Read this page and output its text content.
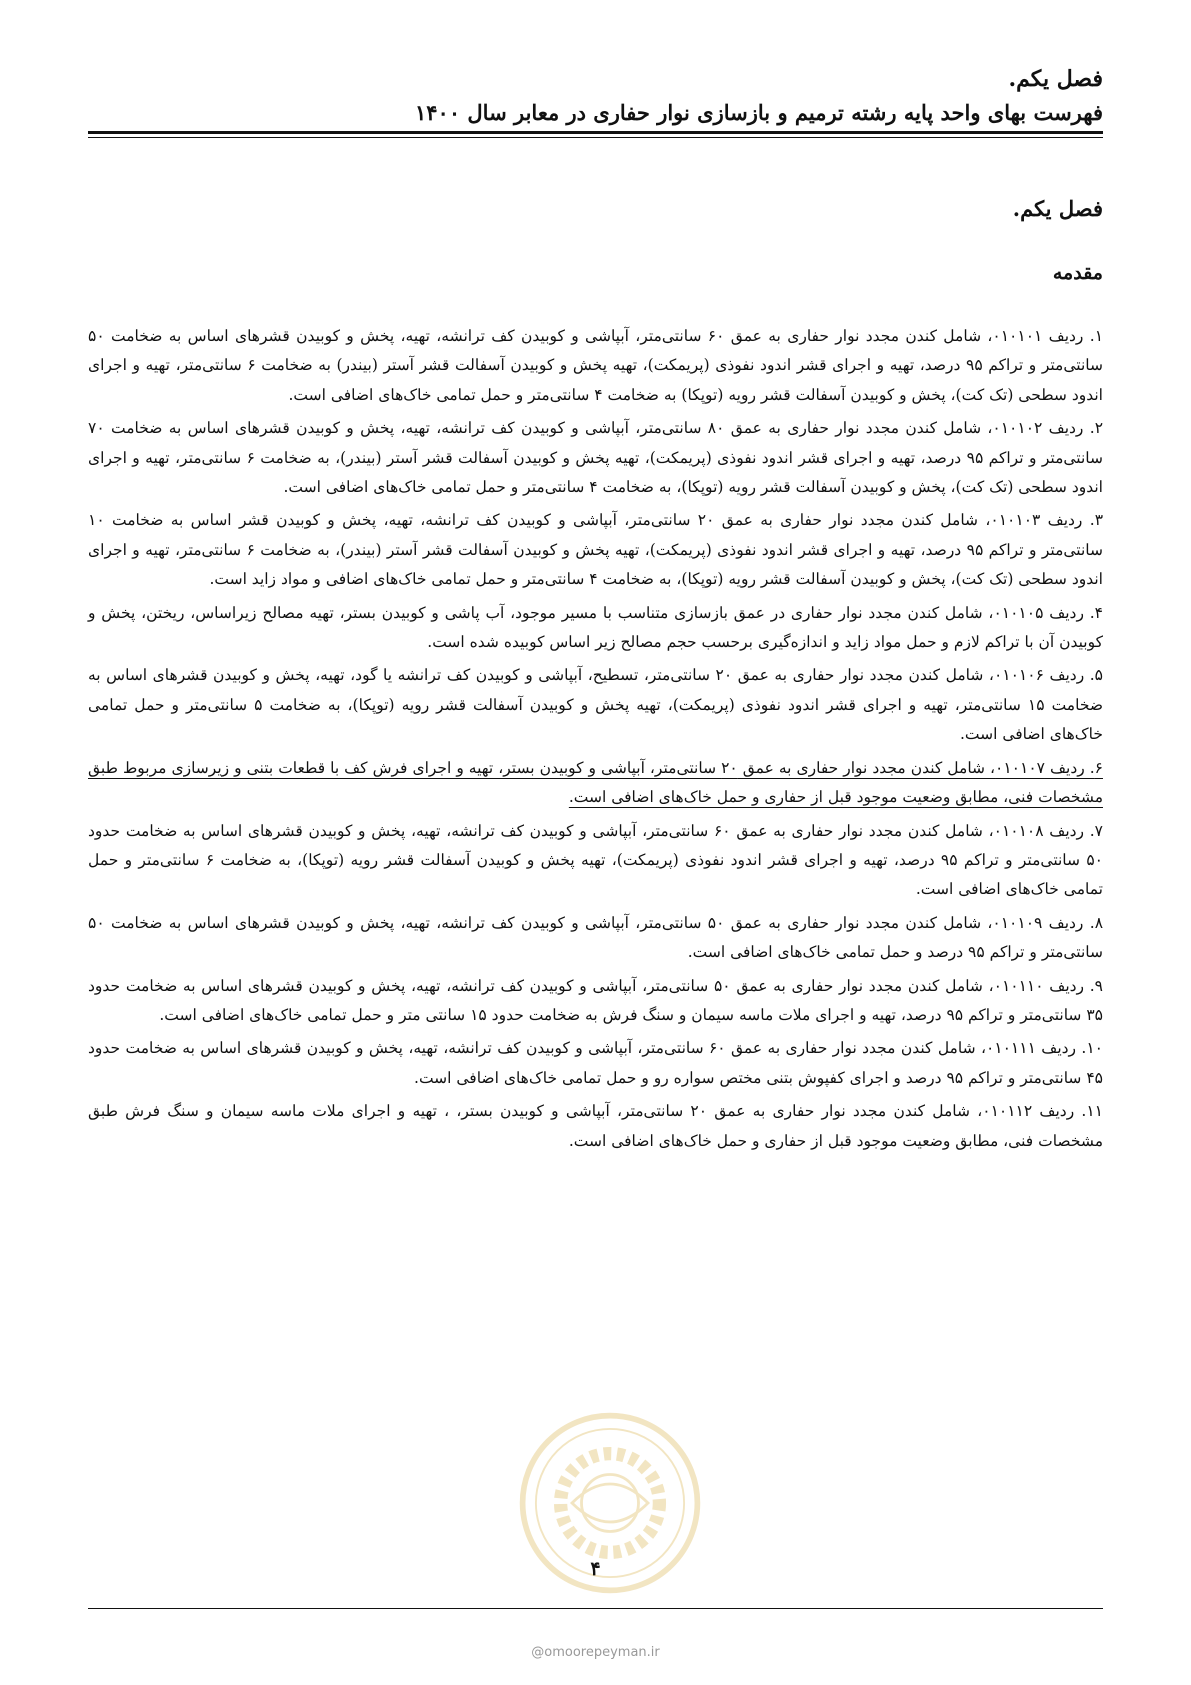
فصل یکم.
فهرست بهای واحد پایه رشته ترمیم و بازسازی نوار حفاری در معابر سال ۱۴۰۰
فصل یکم.
مقدمه

۱. ردیف ۰۱۰۱۰۱، شامل کندن مجدد نوار حفاری به عمق ۶۰ سانتی‌متر، آبپاشی و کوبیدن کف ترانشه، تهیه، پخش و کوبیدن قشرهای اساس به ضخامت ۵۰ سانتی‌متر و تراکم ۹۵ درصد، تهیه و اجرای قشر اندود نفوذی (پریمکت)، تهیه پخش و کوبیدن آسفالت قشر آستر (بیندر) به ضخامت ۶ سانتی‌متر، تهیه و اجرای اندود سطحی (تک کت)، پخش و کوبیدن آسفالت قشر رویه (توپکا) به ضخامت ۴ سانتی‌متر و حمل تمامی خاک‌های اضافی است.

۲. ردیف ۰۱۰۱۰۲، شامل کندن مجدد نوار حفاری به عمق ۸۰ سانتی‌متر، آبپاشی و کوبیدن کف ترانشه، تهیه، پخش و کوبیدن قشرهای اساس به ضخامت ۷۰ سانتی‌متر و تراکم ۹۵ درصد، تهیه و اجرای قشر اندود نفوذی (پریمکت)، تهیه پخش و کوبیدن آسفالت قشر آستر (بیندر)، به ضخامت ۶ سانتی‌متر، تهیه و اجرای اندود سطحی (تک کت)، پخش و کوبیدن آسفالت قشر رویه (توپکا)، به ضخامت ۴ سانتی‌متر و حمل تمامی خاک‌های اضافی است.

۳. ردیف ۰۱۰۱۰۳، شامل کندن مجدد نوار حفاری به عمق ۲۰ سانتی‌متر، آبپاشی و کوبیدن کف ترانشه، تهیه، پخش و کوبیدن قشر اساس به ضخامت ۱۰ سانتی‌متر و تراکم ۹۵ درصد، تهیه و اجرای قشر اندود نفوذی (پریمکت)، تهیه پخش و کوبیدن آسفالت قشر آستر (بیندر)، به ضخامت ۶ سانتی‌متر، تهیه و اجرای اندود سطحی (تک کت)، پخش و کوبیدن آسفالت قشر رویه (توپکا)، به ضخامت ۴ سانتی‌متر و حمل تمامی خاک‌های اضافی و مواد زاید است.

۴. ردیف ۰۱۰۱۰۵، شامل کندن مجدد نوار حفاری در عمق بازسازی متناسب با مسیر موجود، آب پاشی و کوبیدن بستر، تهیه مصالح زیراساس، ریختن، پخش و کوبیدن آن با تراکم لازم و حمل مواد زاید و اندازه‌گیری برحسب حجم مصالح زیر اساس کوبیده شده است.

۵. ردیف ۰۱۰۱۰۶، شامل کندن مجدد نوار حفاری به عمق ۲۰ سانتی‌متر، تسطیح، آبپاشی و کوبیدن کف ترانشه یا گود، تهیه، پخش و کوبیدن قشرهای اساس به ضخامت ۱۵ سانتی‌متر، تهیه و اجرای قشر اندود نفوذی (پریمکت)، تهیه پخش و کوبیدن آسفالت قشر رویه (توپکا)، به ضخامت ۵ سانتی‌متر و حمل تمامی خاک‌های اضافی است.

۶. ردیف ۰۱۰۱۰۷، شامل کندن مجدد نوار حفاری به عمق ۲۰ سانتی‌متر، آبپاشی و کوبیدن بستر، تهیه و اجرای فرش کف با قطعات بتنی و زیرسازی مربوط طبق مشخصات فنی، مطابق وضعیت موجود قبل از حفاری و حمل خاک‌های اضافی است.

۷. ردیف ۰۱۰۱۰۸، شامل کندن مجدد نوار حفاری به عمق ۶۰ سانتی‌متر، آبپاشی و کوبیدن کف ترانشه، تهیه، پخش و کوبیدن قشرهای اساس به ضخامت حدود ۵۰ سانتی‌متر و تراکم ۹۵ درصد، تهیه و اجرای قشر اندود نفوذی (پریمکت)، تهیه پخش و کوبیدن آسفالت قشر رویه (توپکا)، به ضخامت ۶ سانتی‌متر و حمل تمامی خاک‌های اضافی است.

۸. ردیف ۰۱۰۱۰۹، شامل کندن مجدد نوار حفاری به عمق ۵۰ سانتی‌متر، آبپاشی و کوبیدن کف ترانشه، تهیه، پخش و کوبیدن قشرهای اساس به ضخامت ۵۰ سانتی‌متر و تراکم ۹۵ درصد و حمل تمامی خاک‌های اضافی است.

۹. ردیف ۰۱۰۱۱۰، شامل کندن مجدد نوار حفاری به عمق ۵۰ سانتی‌متر، آبپاشی و کوبیدن کف ترانشه، تهیه، پخش و کوبیدن قشرهای اساس به ضخامت حدود ۳۵ سانتی‌متر و تراکم ۹۵ درصد، تهیه و اجرای ملات ماسه سیمان و سنگ فرش به ضخامت حدود ۱۵ سانتی متر و حمل تمامی خاک‌های اضافی است.

۱۰. ردیف ۰۱۰۱۱۱، شامل کندن مجدد نوار حفاری به عمق ۶۰ سانتی‌متر، آبپاشی و کوبیدن کف ترانشه، تهیه، پخش و کوبیدن قشرهای اساس به ضخامت حدود ۴۵ سانتی‌متر و تراکم ۹۵ درصد و اجرای کفپوش بتنی مختص سواره رو و حمل تمامی خاک‌های اضافی است.

۱۱. ردیف ۰۱۰۱۱۲، شامل کندن مجدد نوار حفاری به عمق ۲۰ سانتی‌متر، آبپاشی و کوبیدن بستر، ، تهیه و اجرای ملات ماسه سیمان و سنگ فرش طبق مشخصات فنی، مطابق وضعیت موجود قبل از حفاری و حمل خاک‌های اضافی است.

۴
@omoorepeyman.ir
